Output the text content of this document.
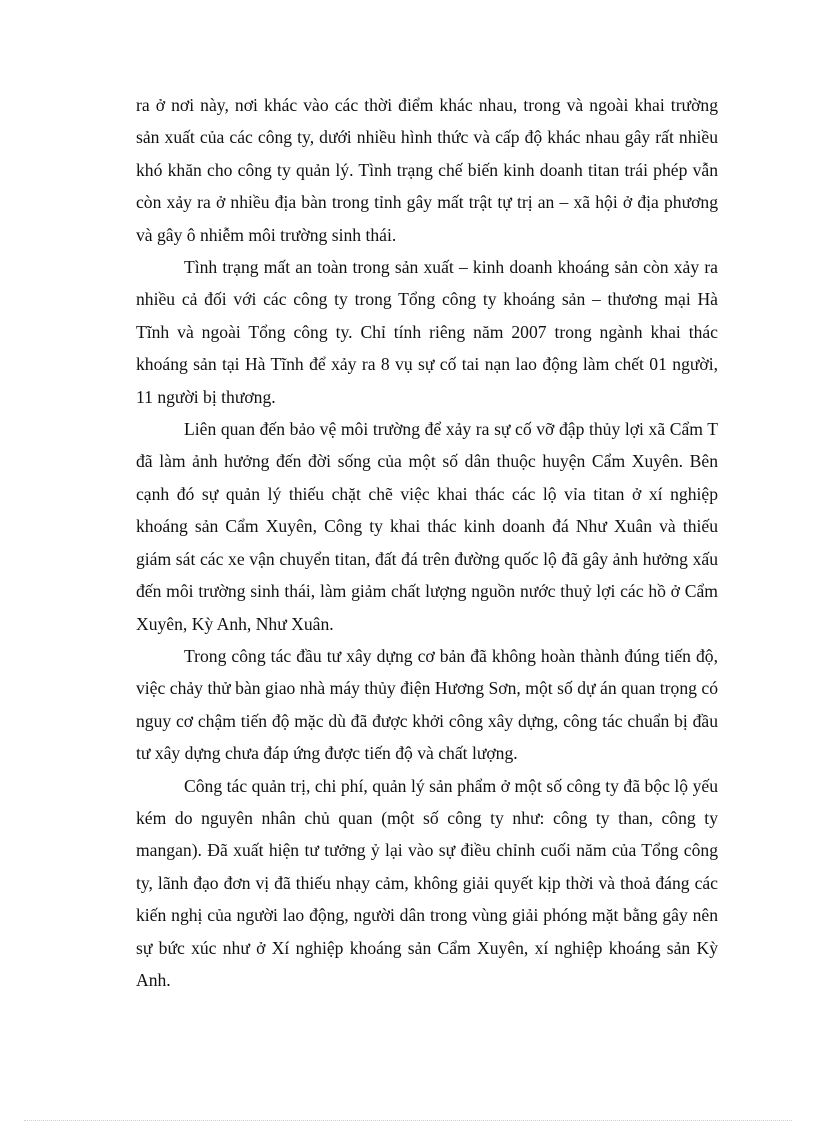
ra ở nơi này, nơi khác vào các thời điểm khác nhau, trong và ngoài khai trường sản xuất của các công ty, dưới nhiều hình thức và cấp độ khác nhau gây rất nhiều khó khăn cho công ty quản lý. Tình trạng chế biến kinh doanh titan trái phép vẫn còn xảy ra ở nhiều địa bàn trong tỉnh gây mất trật tự trị an – xã hội ở địa phương và gây ô nhiễm môi trường sinh thái.

Tình trạng mất an toàn trong sản xuất – kinh doanh khoáng sản còn xảy ra nhiều cả đối với các công ty trong Tổng công ty khoáng sản – thương mại Hà Tĩnh và ngoài Tổng công ty. Chỉ tính riêng năm 2007 trong ngành khai thác khoáng sản tại Hà Tĩnh để xảy ra 8 vụ sự cố tai nạn lao động làm chết 01 người, 11 người bị thương.

Liên quan đến bảo vệ môi trường để xảy ra sự cố vỡ đập thủy lợi xã Cẩm T đã làm ảnh hưởng đến đời sống của một số dân thuộc huyện Cẩm Xuyên. Bên cạnh đó sự quản lý thiếu chặt chẽ việc khai thác các lộ vỉa titan ở xí nghiệp khoáng sản Cẩm Xuyên, Công ty khai thác kinh doanh đá Như Xuân và thiếu giám sát các xe vận chuyển titan, đất đá trên đường quốc lộ đã gây ảnh hưởng xấu đến môi trường sinh thái, làm giảm chất lượng nguồn nước thuỷ lợi các hồ ở Cẩm Xuyên, Kỳ Anh, Như Xuân.

Trong công tác đầu tư xây dựng cơ bản đã không hoàn thành đúng tiến độ, việc chảy thử bàn giao nhà máy thủy điện Hương Sơn, một số dự án quan trọng có nguy cơ chậm tiến độ mặc dù đã được khởi công xây dựng, công tác chuẩn bị đầu tư xây dựng chưa đáp ứng được tiến độ và chất lượng.

Công tác quản trị, chi phí, quản lý sản phẩm ở một số công ty đã bộc lộ yếu kém do nguyên nhân chủ quan (một số công ty như: công ty than, công ty mangan). Đã xuất hiện tư tưởng ỷ lại vào sự điều chỉnh cuối năm của Tổng công ty, lãnh đạo đơn vị đã thiếu nhạy cảm, không giải quyết kịp thời và thoả đáng các kiến nghị của người lao động, người dân trong vùng giải phóng mặt bằng gây nên sự bức xúc như ở Xí nghiệp khoáng sản Cẩm Xuyên, xí nghiệp khoáng sản Kỳ Anh.
